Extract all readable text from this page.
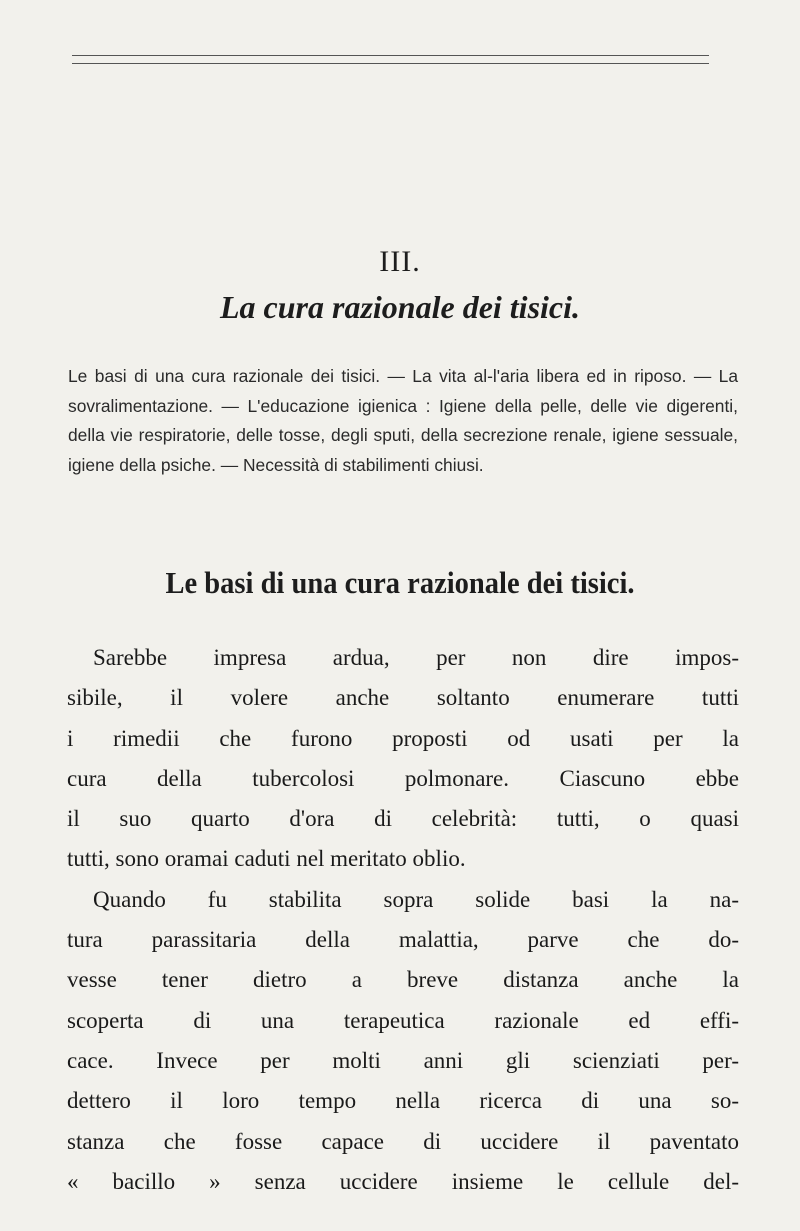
III.
La cura razionale dei tisici.
Le basi di una cura razionale dei tisici. — La vita al-l'aria libera ed in riposo. — La sovralimentazione. — L'educazione igienica : Igiene della pelle, delle vie digerenti, della vie respiratorie, delle tosse, degli sputi, della secrezione renale, igiene sessuale, igiene della psiche. — Necessità di stabilimenti chiusi.
Le basi di una cura razionale dei tisici.
Sarebbe impresa ardua, per non dire impos-
sibile, il volere anche soltanto enumerare tutti
i rimedii che furono proposti od usati per la
cura della tubercolosi polmonare. Ciascuno ebbe
il suo quarto d'ora di celebrità: tutti, o quasi
tutti, sono oramai caduti nel meritato oblio.
Quando fu stabilita sopra solide basi la na-
tura parassitaria della malattia, parve che do-
vesse tener dietro a breve distanza anche la
scoperta di una terapeutica razionale ed effi-
cace. Invece per molti anni gli scienziati per-
dettero il loro tempo nella ricerca di una so-
stanza che fosse capace di uccidere il paventato
« bacillo » senza uccidere insieme le cellule del-
